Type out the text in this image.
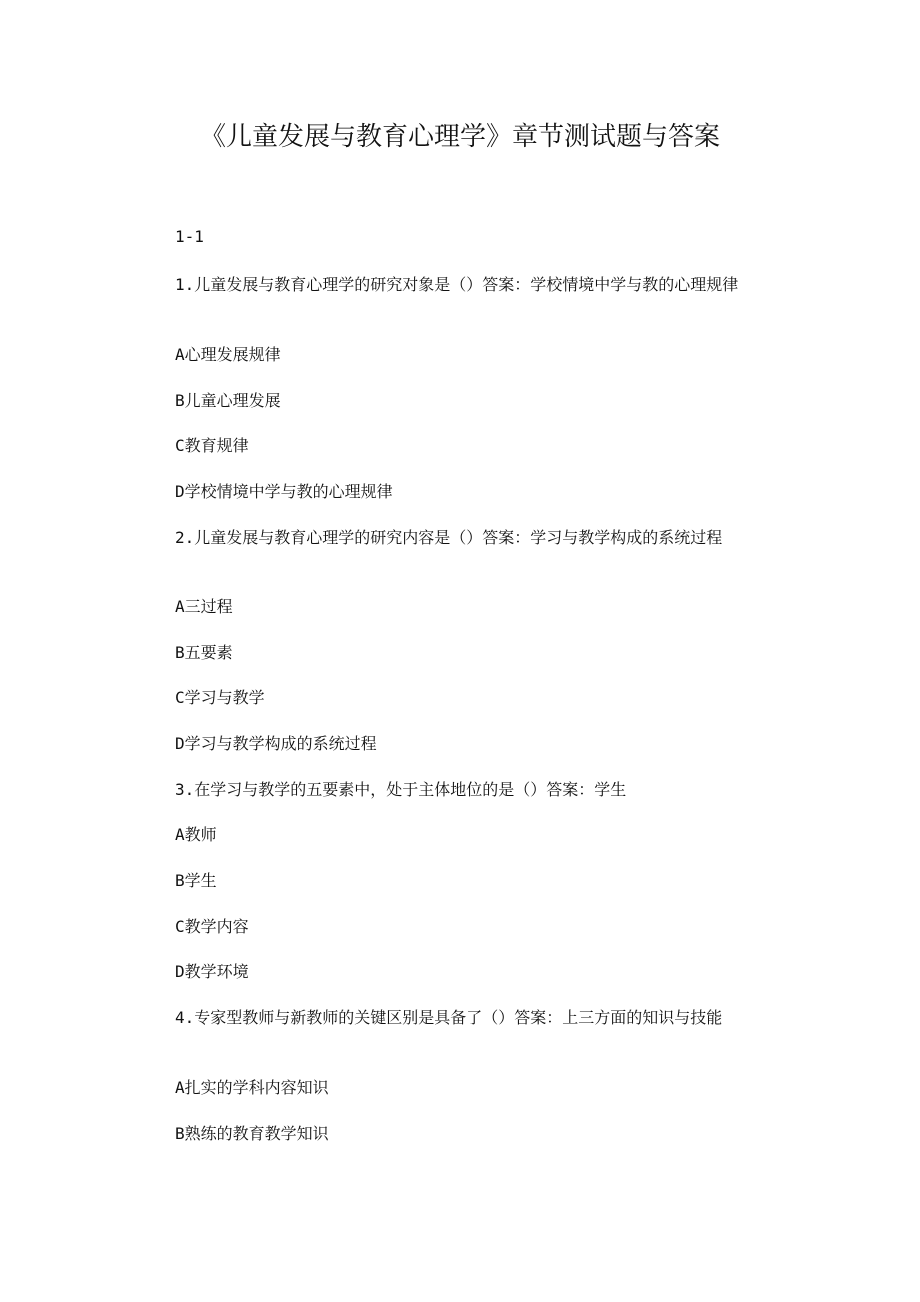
《儿童发展与教育心理学》章节测试题与答案

1-1

1.儿童发展与教育心理学的研究对象是（）答案：学校情境中学与教的心理规律

A心理发展规律

B儿童心理发展

C教育规律

D学校情境中学与教的心理规律

2.儿童发展与教育心理学的研究内容是（）答案：学习与教学构成的系统过程

A三过程

B五要素

C学习与教学

D学习与教学构成的系统过程

3.在学习与教学的五要素中，处于主体地位的是（）答案：学生

A教师

B学生

C教学内容

D教学环境

4.专家型教师与新教师的关键区别是具备了（）答案：上三方面的知识与技能

A扎实的学科内容知识

B熟练的教育教学知识
